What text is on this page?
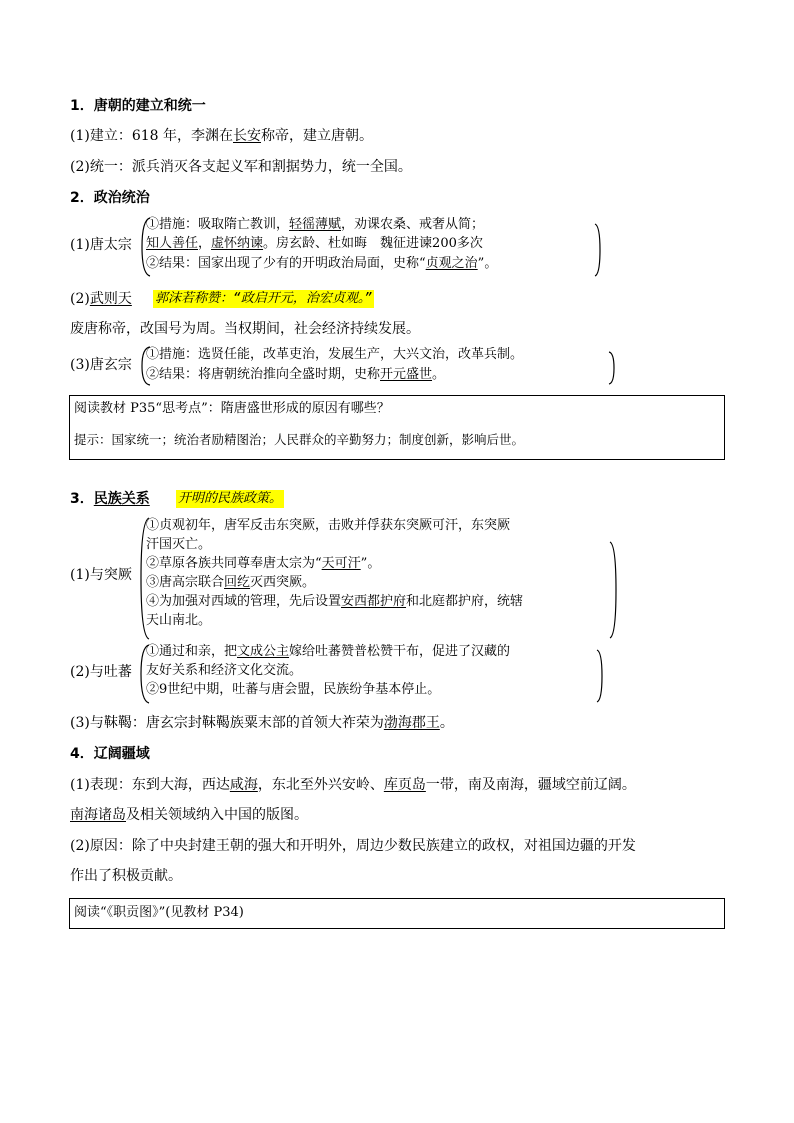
1．唐朝的建立和统一
(1)建立：618 年，李渊在长安称帝，建立唐朝。
(2)统一：派兵消灭各支起义军和割据势力，统一全国。
2．政治统治
(1)唐太宗
①措施：吸取隋亡教训，轻徭薄赋，劝课农桑、戒奢从简；
知人善任，虚怀纳谏。房玄龄、杜如晦　魏征进谏200多次
②结果：国家出现了少有的开明政治局面，史称“贞观之治”。
(2)武则天 郭沫若称赞：“政启开元，治宏贞观。”
废唐称帝，改国号为周。当权期间，社会经济持续发展。
(3)唐玄宗
①措施：选贤任能，改革吏治，发展生产，大兴文治，改革兵制。
②结果：将唐朝统治推向全盛时期，史称开元盛世。
阅读教材 P35“思考点”：隋唐盛世形成的原因有哪些？
提示：国家统一；统治者励精图治；人民群众的辛勤努力；制度创新，影响后世。
3．民族关系 开明的民族政策。
(1)与突厥
①贞观初年，唐军反击东突厥，击败并俘获东突厥可汗，东突厥
汗国灭亡。
②草原各族共同尊奉唐太宗为“天可汗”。
③唐高宗联合回纥灭西突厥。
④为加强对西域的管理，先后设置安西都护府和北庭都护府，统辖
天山南北。
(2)与吐蕃
①通过和亲，把文成公主嫁给吐蕃赞普松赞干布，促进了汉藏的
友好关系和经济文化交流。
②9世纪中期，吐蕃与唐会盟，民族纷争基本停止。
(3)与靺鞨：唐玄宗封靺鞨族粟末部的首领大祚荣为渤海郡王。
4．辽阔疆域
(1)表现：东到大海，西达咸海，东北至外兴安岭、库页岛一带，南及南海，疆域空前辽阔。
南海诸岛及相关领域纳入中国的版图。
(2)原因：除了中央封建王朝的强大和开明外，周边少数民族建立的政权，对祖国边疆的开发
作出了积极贡献。
阅读“《职贡图》”(见教材 P34)
